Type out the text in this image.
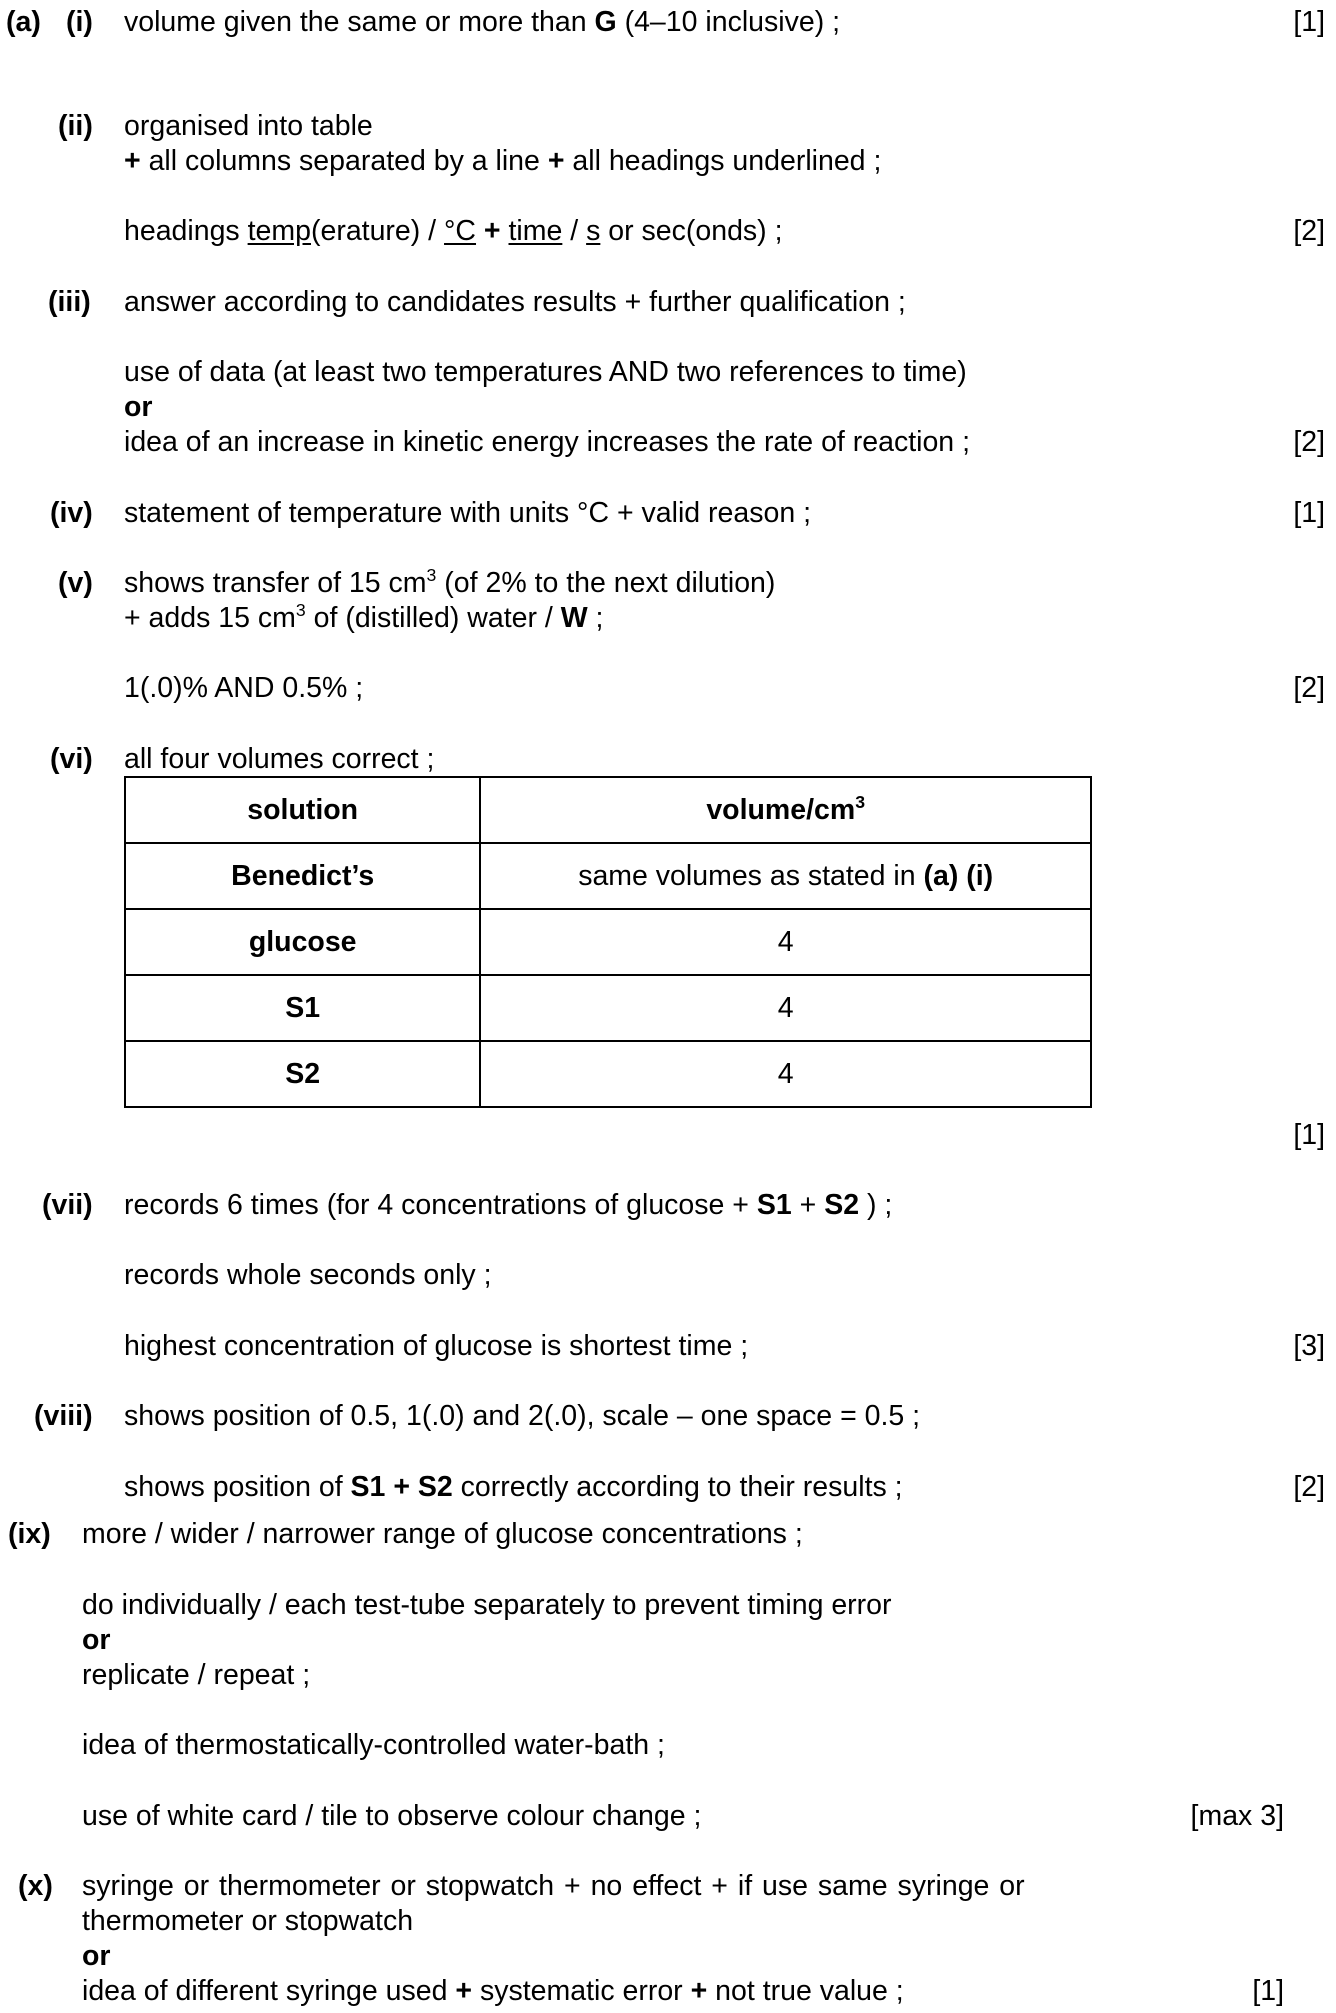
(a) (i) volume given the same or more than G (4–10 inclusive) ;	[1]
(ii) organised into table
+ all columns separated by a line + all headings underlined ;
headings temp(erature) / °C + time / s or sec(onds) ;	[2]
(iii) answer according to candidates results + further qualification ;
use of data (at least two temperatures AND two references to time)
or
idea of an increase in kinetic energy increases the rate of reaction ;	[2]
(iv) statement of temperature with units °C + valid reason ;	[1]
(v) shows transfer of 15 $cm^3$ (of 2% to the next dilution)
+ adds 15 $cm^3$ of (distilled) water / W ;
1(.0)% AND 0.5% ;	[2]
(vi) all four volumes correct ;
solution	volume/$cm^3$
Benedict’s	same volumes as stated in (a) (i)
glucose	4
S1	4
S2	4
[1]
(vii) records 6 times (for 4 concentrations of glucose + S1 + S2 ) ;
records whole seconds only ;
highest concentration of glucose is shortest time ;	[3]
(viii) shows position of 0.5, 1(.0) and 2(.0), scale – one space = 0.5 ;
shows position of S1 + S2 correctly according to their results ;	[2]
(ix) more / wider / narrower range of glucose concentrations ;
do individually / each test-tube separately to prevent timing error
or
replicate / repeat ;
idea of thermostatically-controlled water-bath ;
use of white card / tile to observe colour change ;	[max 3]
(x) syringe or thermometer or stopwatch + no effect + if use same syringe or
thermometer or stopwatch
or
idea of different syringe used + systematic error + not true value ;	[1]
